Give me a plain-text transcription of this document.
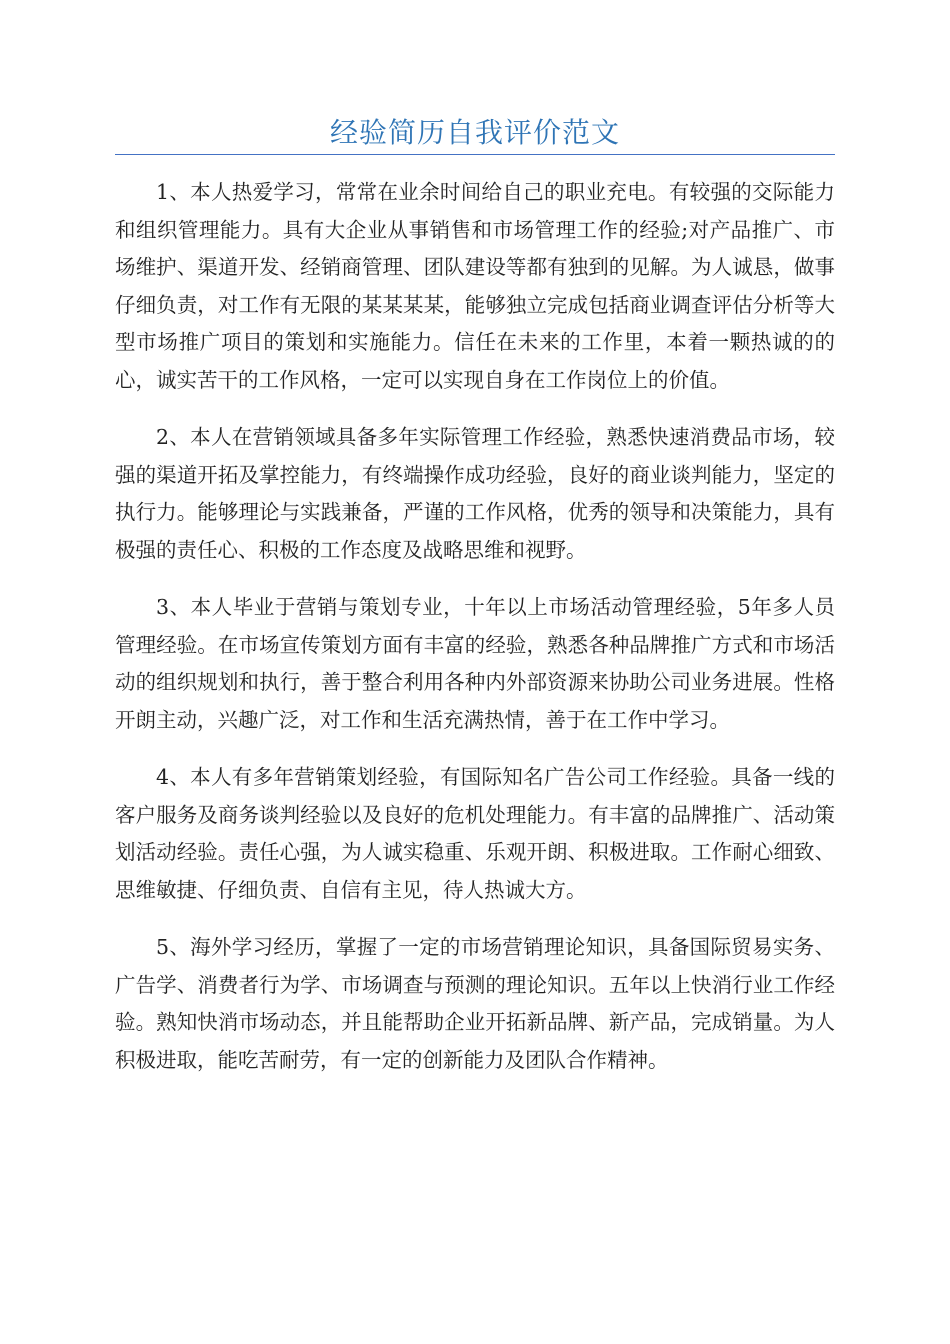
经验简历自我评价范文

1、本人热爱学习，常常在业余时间给自己的职业充电。有较强的交际能力和组织管理能力。具有大企业从事销售和市场管理工作的经验;对产品推广、市场维护、渠道开发、经销商管理、团队建设等都有独到的见解。为人诚恳，做事仔细负责，对工作有无限的某某某某，能够独立完成包括商业调查评估分析等大型市场推广项目的策划和实施能力。信任在未来的工作里，本着一颗热诚的的心，诚实苦干的工作风格，一定可以实现自身在工作岗位上的价值。

2、本人在营销领域具备多年实际管理工作经验，熟悉快速消费品市场，较强的渠道开拓及掌控能力，有终端操作成功经验，良好的商业谈判能力，坚定的执行力。能够理论与实践兼备，严谨的工作风格，优秀的领导和决策能力，具有极强的责任心、积极的工作态度及战略思维和视野。

3、本人毕业于营销与策划专业，十年以上市场活动管理经验，5年多人员管理经验。在市场宣传策划方面有丰富的经验，熟悉各种品牌推广方式和市场活动的组织规划和执行，善于整合利用各种内外部资源来协助公司业务进展。性格开朗主动，兴趣广泛，对工作和生活充满热情，善于在工作中学习。

4、本人有多年营销策划经验，有国际知名广告公司工作经验。具备一线的客户服务及商务谈判经验以及良好的危机处理能力。有丰富的品牌推广、活动策划活动经验。责任心强，为人诚实稳重、乐观开朗、积极进取。工作耐心细致、思维敏捷、仔细负责、自信有主见，待人热诚大方。

5、海外学习经历，掌握了一定的市场营销理论知识，具备国际贸易实务、广告学、消费者行为学、市场调查与预测的理论知识。五年以上快消行业工作经验。熟知快消市场动态，并且能帮助企业开拓新品牌、新产品，完成销量。为人积极进取，能吃苦耐劳，有一定的创新能力及团队合作精神。
